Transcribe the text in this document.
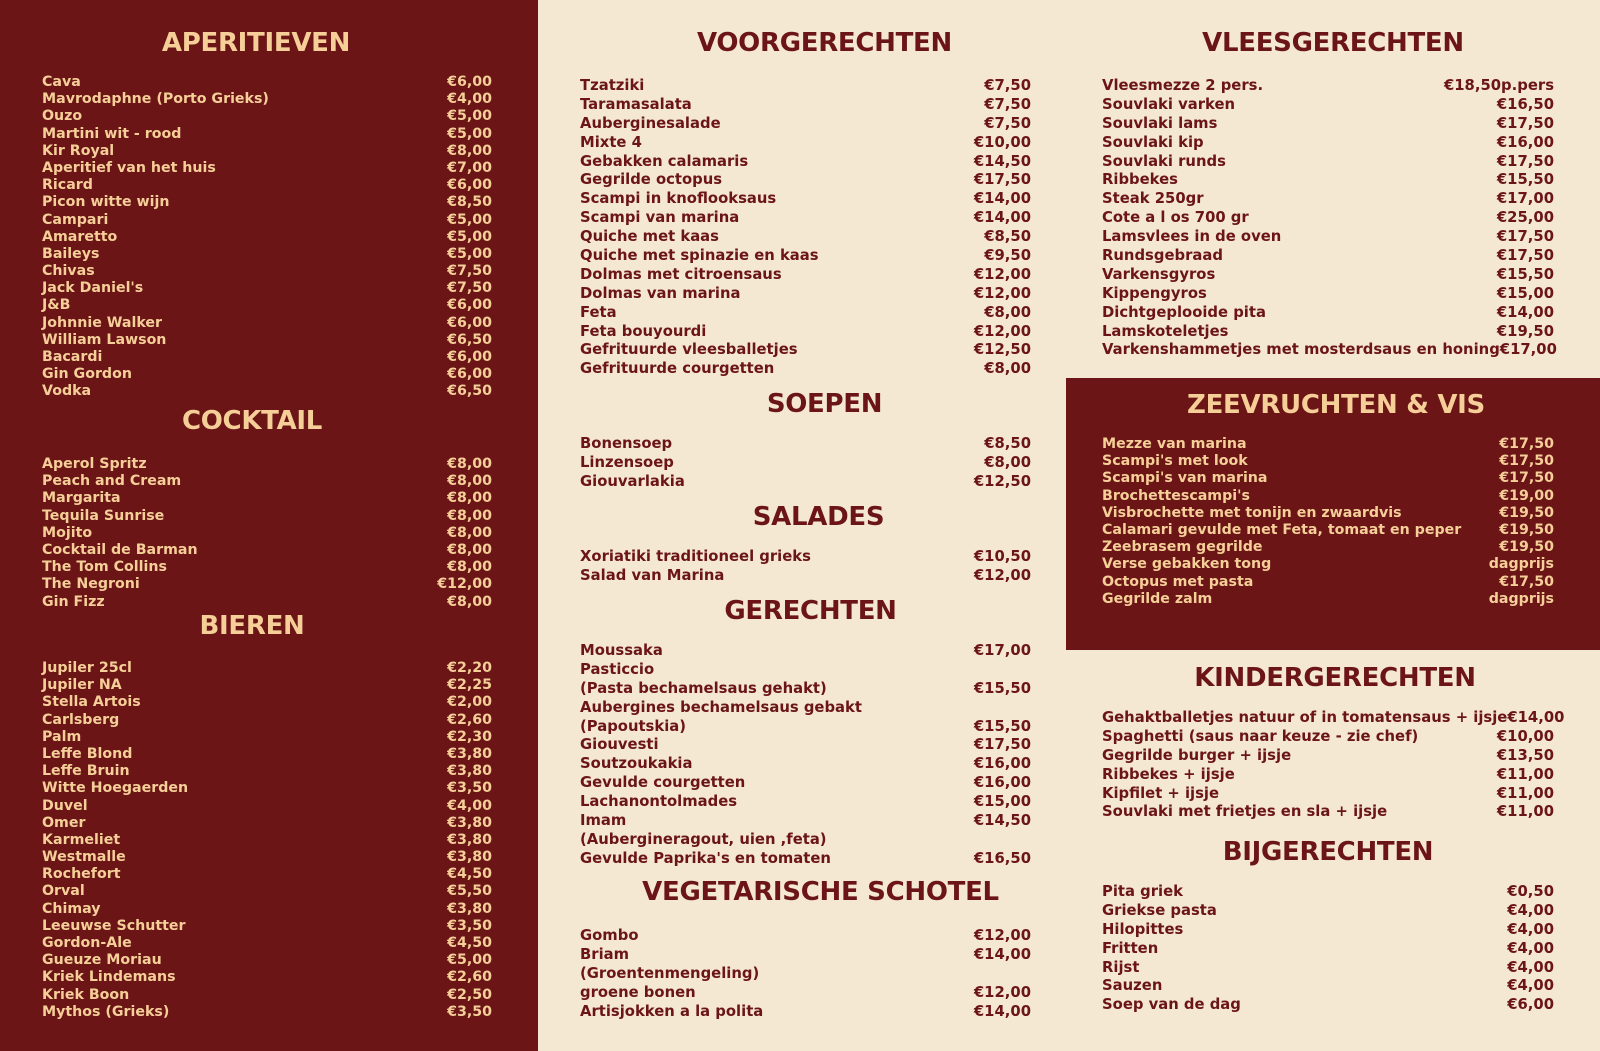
APERITIEVEN
Cava	€6,00
Mavrodaphne (Porto Grieks)	€4,00
Ouzo	€5,00
Martini wit - rood	€5,00
Kir Royal	€8,00
Aperitief van het huis	€7,00
Ricard	€6,00
Picon witte wijn	€8,50
Campari	€5,00
Amaretto	€5,00
Baileys	€5,00
Chivas	€7,50
Jack Daniel's	€7,50
J&B	€6,00
Johnnie Walker	€6,00
William Lawson	€6,50
Bacardi	€6,00
Gin Gordon	€6,00
Vodka	€6,50
COCKTAIL
Aperol Spritz	€8,00
Peach and Cream	€8,00
Margarita	€8,00
Tequila Sunrise	€8,00
Mojito	€8,00
Cocktail de Barman	€8,00
The Tom Collins	€8,00
The Negroni	€12,00
Gin Fizz	€8,00
BIEREN
Jupiler 25cl	€2,20
Jupiler NA	€2,25
Stella Artois	€2,00
Carlsberg	€2,60
Palm	€2,30
Leffe Blond	€3,80
Leffe Bruin	€3,80
Witte Hoegaerden	€3,50
Duvel	€4,00
Omer	€3,80
Karmeliet	€3,80
Westmalle	€3,80
Rochefort	€4,50
Orval	€5,50
Chimay	€3,80
Leeuwse Schutter	€3,50
Gordon-Ale	€4,50
Gueuze Moriau	€5,00
Kriek Lindemans	€2,60
Kriek Boon	€2,50
Mythos (Grieks)	€3,50
VOORGERECHTEN
Tzatziki	€7,50
Taramasalata	€7,50
Auberginesalade	€7,50
Mixte 4	€10,00
Gebakken calamaris	€14,50
Gegrilde octopus	€17,50
Scampi in knoflooksaus	€14,00
Scampi van marina	€14,00
Quiche met kaas	€8,50
Quiche met spinazie en kaas	€9,50
Dolmas met citroensaus	€12,00
Dolmas van marina	€12,00
Feta	€8,00
Feta bouyourdi	€12,00
Gefrituurde vleesballetjes	€12,50
Gefrituurde courgetten	€8,00
SOEPEN
Bonensoep	€8,50
Linzensoep	€8,00
Giouvarlakia	€12,50
SALADES
Xoriatiki traditioneel grieks	€10,50
Salad van Marina	€12,00
GERECHTEN
Moussaka	€17,00
Pasticcio
(Pasta bechamelsaus gehakt)	€15,50
Aubergines bechamelsaus gebakt
(Papoutskia)	€15,50
Giouvesti	€17,50
Soutzoukakia	€16,00
Gevulde courgetten	€16,00
Lachanontolmades	€15,00
Imam	€14,50
(Aubergineragout, uien ,feta)
Gevulde Paprika's en tomaten	€16,50
VEGETARISCHE SCHOTEL
Gombo	€12,00
Briam	€14,00
(Groentenmengeling)
groene bonen	€12,00
Artisjokken a la polita	€14,00
VLEESGERECHTEN
Vleesmezze 2 pers.	€18,50p.pers
Souvlaki varken	€16,50
Souvlaki lams	€17,50
Souvlaki kip	€16,00
Souvlaki runds	€17,50
Ribbekes	€15,50
Steak 250gr	€17,00
Cote a l os 700 gr	€25,00
Lamsvlees in de oven	€17,50
Rundsgebraad	€17,50
Varkensgyros	€15,50
Kippengyros	€15,00
Dichtgeplooide pita	€14,00
Lamskoteletjes	€19,50
Varkenshammetjes met mosterdsaus en honing €17,00
ZEEVRUCHTEN & VIS
Mezze van marina	€17,50
Scampi's met look	€17,50
Scampi's van marina	€17,50
Brochettescampi's	€19,00
Visbrochette met tonijn en zwaardvis	€19,50
Calamari gevulde met Feta, tomaat en peper	€19,50
Zeebrasem gegrilde	€19,50
Verse gebakken tong	dagprijs
Octopus met pasta	€17,50
Gegrilde zalm	dagprijs
KINDERGERECHTEN
Gehaktballetjes natuur of in tomatensaus + ijsje €14,00
Spaghetti (saus naar keuze - zie chef)	€10,00
Gegrilde burger + ijsje	€13,50
Ribbekes + ijsje	€11,00
Kipfilet + ijsje	€11,00
Souvlaki met frietjes en sla + ijsje	€11,00
BIJGERECHTEN
Pita griek	€0,50
Griekse pasta	€4,00
Hilopittes	€4,00
Fritten	€4,00
Rijst	€4,00
Sauzen	€4,00
Soep van de dag	€6,00
